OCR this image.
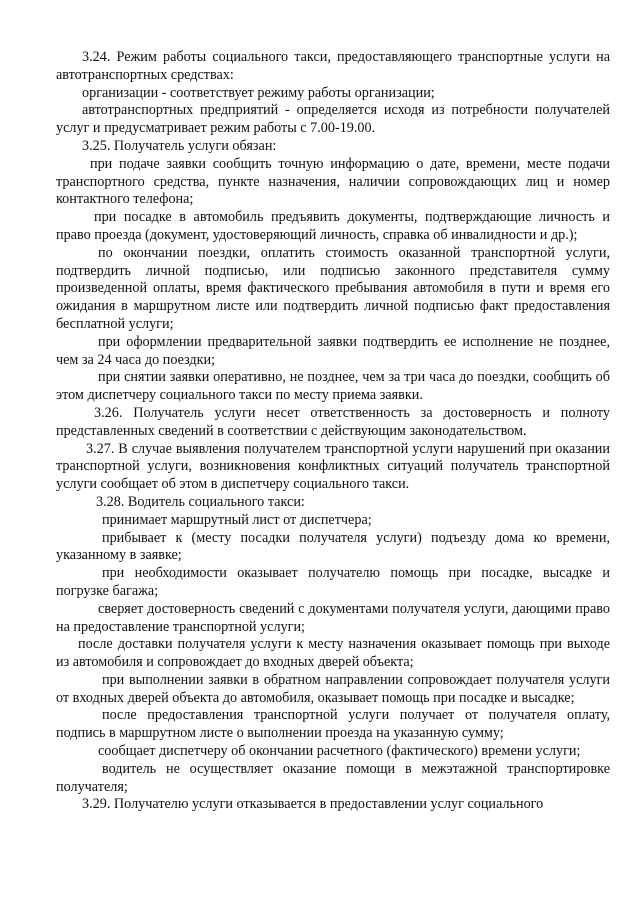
3.24. Режим работы социального такси, предоставляющего транспортные услуги на автотранспортных средствах:

организации - соответствует режиму работы организации;

автотранспортных предприятий - определяется исходя из потребности получателей услуг и предусматривает режим работы с 7.00-19.00.

3.25. Получатель услуги обязан:

при подаче заявки сообщить точную информацию о дате, времени, месте подачи транспортного средства, пункте назначения, наличии сопровождающих лиц и номер контактного телефона;

при посадке в автомобиль предъявить документы, подтверждающие личность и право проезда (документ, удостоверяющий личность, справка об инвалидности и др.);

по окончании поездки, оплатить стоимость оказанной транспортной услуги, подтвердить личной подписью, или подписью законного представителя сумму произведенной оплаты, время фактического пребывания автомобиля в пути и время его ожидания в маршрутном листе или подтвердить личной подписью факт предоставления бесплатной услуги;

при оформлении предварительной заявки подтвердить ее исполнение не позднее, чем за 24 часа до поездки;

при снятии заявки оперативно, не позднее, чем за три часа до поездки, сообщить об этом диспетчеру социального такси по месту приема заявки.

3.26. Получатель услуги несет ответственность за достоверность и полноту представленных сведений в соответствии с действующим законодательством.

3.27. В случае выявления получателем транспортной услуги нарушений при оказании транспортной услуги, возникновения конфликтных ситуаций получатель транспортной услуги сообщает об этом в диспетчеру социального такси.

3.28. Водитель социального такси:

принимает маршрутный лист от диспетчера;

прибывает к (месту посадки получателя услуги) подъезду дома ко времени, указанному в заявке;

при необходимости оказывает получателю помощь при посадке, высадке и погрузке багажа;

сверяет достоверность сведений с документами получателя услуги, дающими право на предоставление транспортной услуги;

после доставки получателя услуги к месту назначения оказывает помощь при выходе из автомобиля и сопровождает до входных дверей объекта;

при выполнении заявки в обратном направлении сопровождает получателя услуги от входных дверей объекта до автомобиля, оказывает помощь при посадке и высадке;

после предоставления транспортной услуги получает от получателя оплату, подпись в маршрутном листе о выполнении проезда на указанную сумму;

сообщает диспетчеру об окончании расчетного (фактического) времени услуги;

водитель не осуществляет оказание помощи в межэтажной транспортировке получателя;

3.29. Получателю услуги отказывается в предоставлении услуг социального
